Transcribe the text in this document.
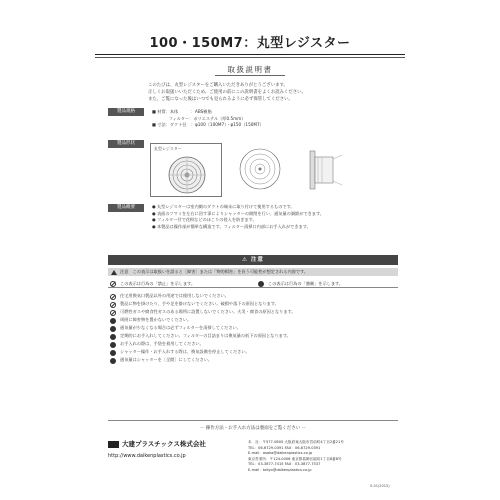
100・150M7：丸型レジスター
取扱説明書
このたびは、丸型レジスターをご購入いただきありがとうございます。
正しくお取扱いいただくため、ご使用の前にこの説明書をよくお読みください。
また、ご覧になった後はいつでも見られるように必ず保管してください。
製品規格	■ 材質：本体　　　：ABS樹脂
　　　　フィルター：ポリエステル（厚0.5mm）
■ 寸法：ダクト径　：φ100（100M7）・φ150（150M7）
製品形状
丸型レジスター
製品概要	● 丸型レジスターは室内側のダクトの端末に取り付けて使用するものです。
● 表面のツマミを左右に回す事によりシャッターの開閉を行い、通気量の調節ができます。
● フィルター付で花粉などのほこりの侵入を防ぎます。
● 本製品は操作部が簡単な構造です。フィルター清掃口内部にお手入れができます。
⚠ 注意
注意　この表示は取扱いを誤ると［障害］または「物的損害」を負う可能性が想定される内容です。
この表示は行為の「禁止」を示します。	この表示は行為の「強制」を示します。
住宅用換気口製品以外の用途では使用しないでください。
製品に物を掛けたり、手や足を掛けないでください。破損や落下の原因となります。
可燃性ガスや腐食性ガスのある場所に設置しないでください。火災・腐食の原因となります。
周囲に障害物を置かないでください。
通気量が少なくなる場合は必ずフィルターを清掃してください。
定期的にお手入れしてください。フィルターの目詰まりは換気量の低下の原因となります。
お手入れの際は、手袋を着用してください。
シャッター操作・お手入れする際は、換気設備を停止してください。
通気量はシャッターを［全開］にしてください。
－ 操作方法・お手入れ方法は裏面をご覧ください －
大建プラスチックス株式会社
http://www.daikenplastics.co.jp
本　社：〒577-0805 大阪府東大阪市宮前町4丁目2番21号
TEL：06-6729-0391 FAX：06-6729-0391
E-mail：osaka@daikenplastics.co.jp
東京営業所：〒124-0006 東京都葛飾区堀切1丁目8番8号
TEL：03-3877-7415 FAX：03-3877-7537
E-mail：tokyo@daikenplastics.co.jp
0-01(2015)
